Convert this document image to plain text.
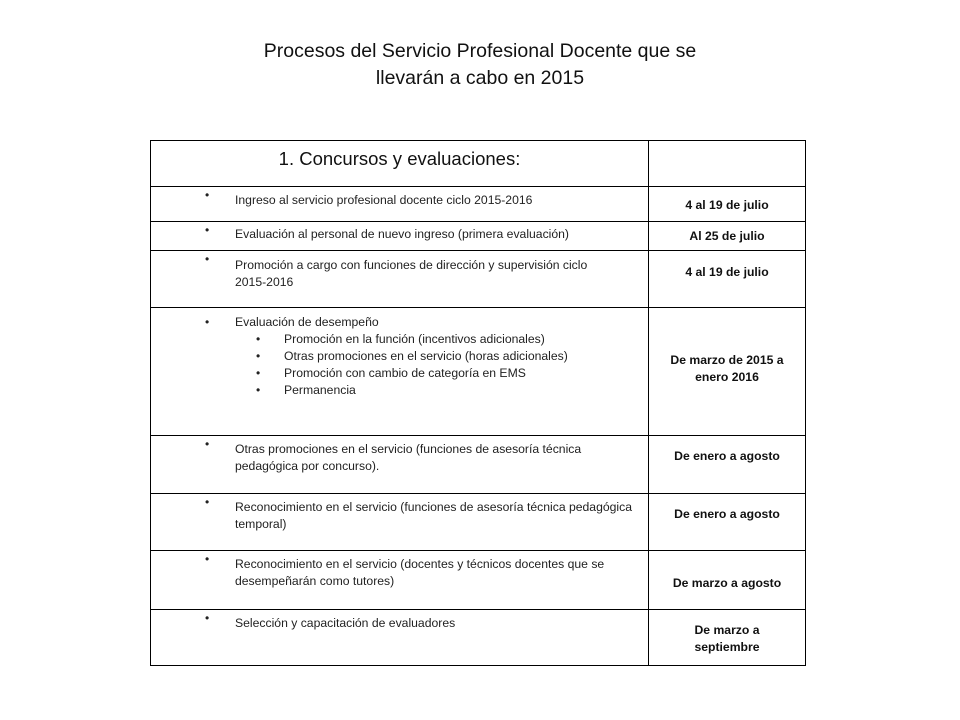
Procesos del Servicio Profesional Docente que se
llevarán a cabo en 2015
1. Concursos y evaluaciones:	

• Ingreso al servicio profesional docente ciclo 2015-2016	4 al 19 de julio

• Evaluación al personal de nuevo ingreso (primera evaluación)	Al 25 de julio

• Promoción a cargo con funciones de dirección y supervisión ciclo 2015-2016	4 al 19 de julio

• Evaluación de desempeño
• Promoción en la función (incentivos adicionales)
• Otras promociones en el servicio (horas adicionales)
• Promoción con cambio de categoría en EMS
• Permanencia	De marzo de 2015 a enero 2016

• Otras promociones en el servicio (funciones de asesoría técnica pedagógica por concurso).	De enero a agosto

• Reconocimiento en el servicio (funciones de asesoría técnica pedagógica temporal)	De enero a agosto

• Reconocimiento en el servicio (docentes y técnicos docentes que se desempeñarán como tutores)	De marzo a agosto

• Selección y capacitación de evaluadores	De marzo a septiembre
